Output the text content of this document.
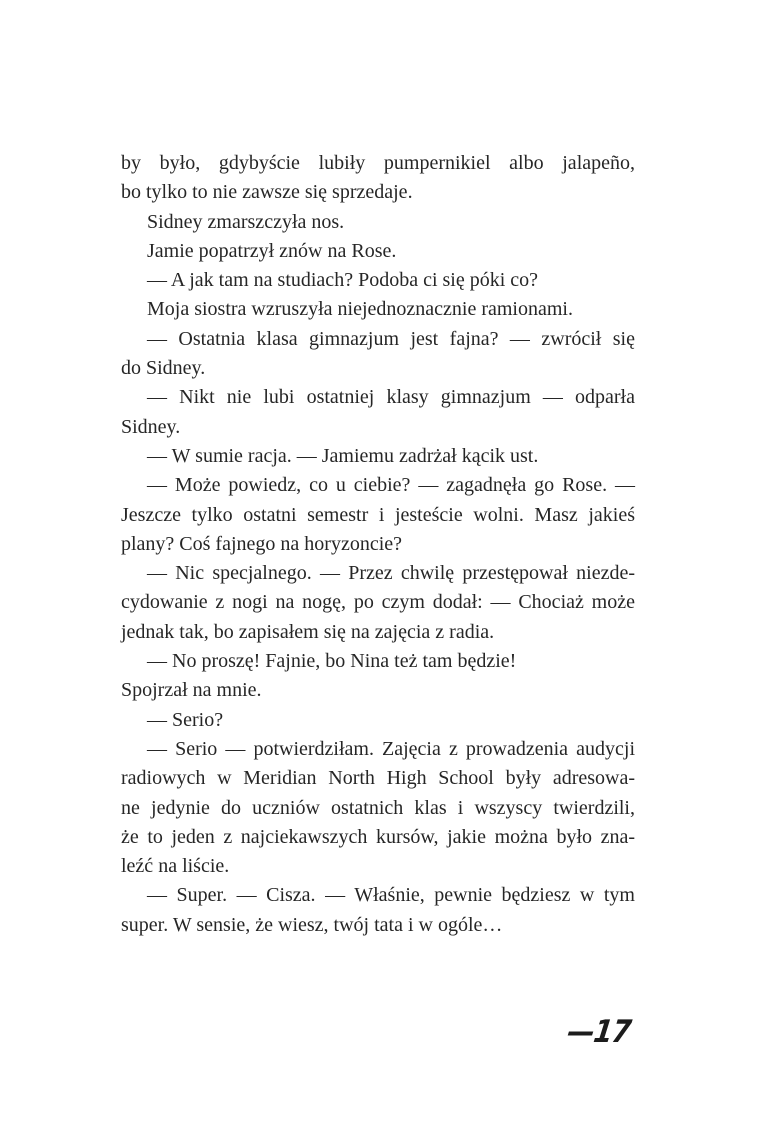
by było, gdybyście lubiły pumpernikiel albo jalapeño,
bo tylko to nie zawsze się sprzedaje.
Sidney zmarszczyła nos.
Jamie popatrzył znów na Rose.
— A jak tam na studiach? Podoba ci się póki co?
Moja siostra wzruszyła niejednoznacznie ramionami.
— Ostatnia klasa gimnazjum jest fajna? — zwrócił się
do Sidney.
— Nikt nie lubi ostatniej klasy gimnazjum — odparła
Sidney.
— W sumie racja. — Jamiemu zadrżał kącik ust.
— Może powiedz, co u ciebie? — zagadnęła go Rose. —
Jeszcze tylko ostatni semestr i jesteście wolni. Masz jakieś
plany? Coś fajnego na horyzoncie?
— Nic specjalnego. — Przez chwilę przestępował niezde-
cydowanie z nogi na nogę, po czym dodał: — Chociaż może
jednak tak, bo zapisałem się na zajęcia z radia.
— No proszę! Fajnie, bo Nina też tam będzie!
Spojrzał na mnie.
— Serio?
— Serio — potwierdziłam. Zajęcia z prowadzenia audycji
radiowych w Meridian North High School były adresowa-
ne jedynie do uczniów ostatnich klas i wszyscy twierdzili,
że to jeden z najciekawszych kursów, jakie można było zna-
leźć na liście.
— Super. — Cisza. — Właśnie, pewnie będziesz w tym
super. W sensie, że wiesz, twój tata i w ogóle…
—17
